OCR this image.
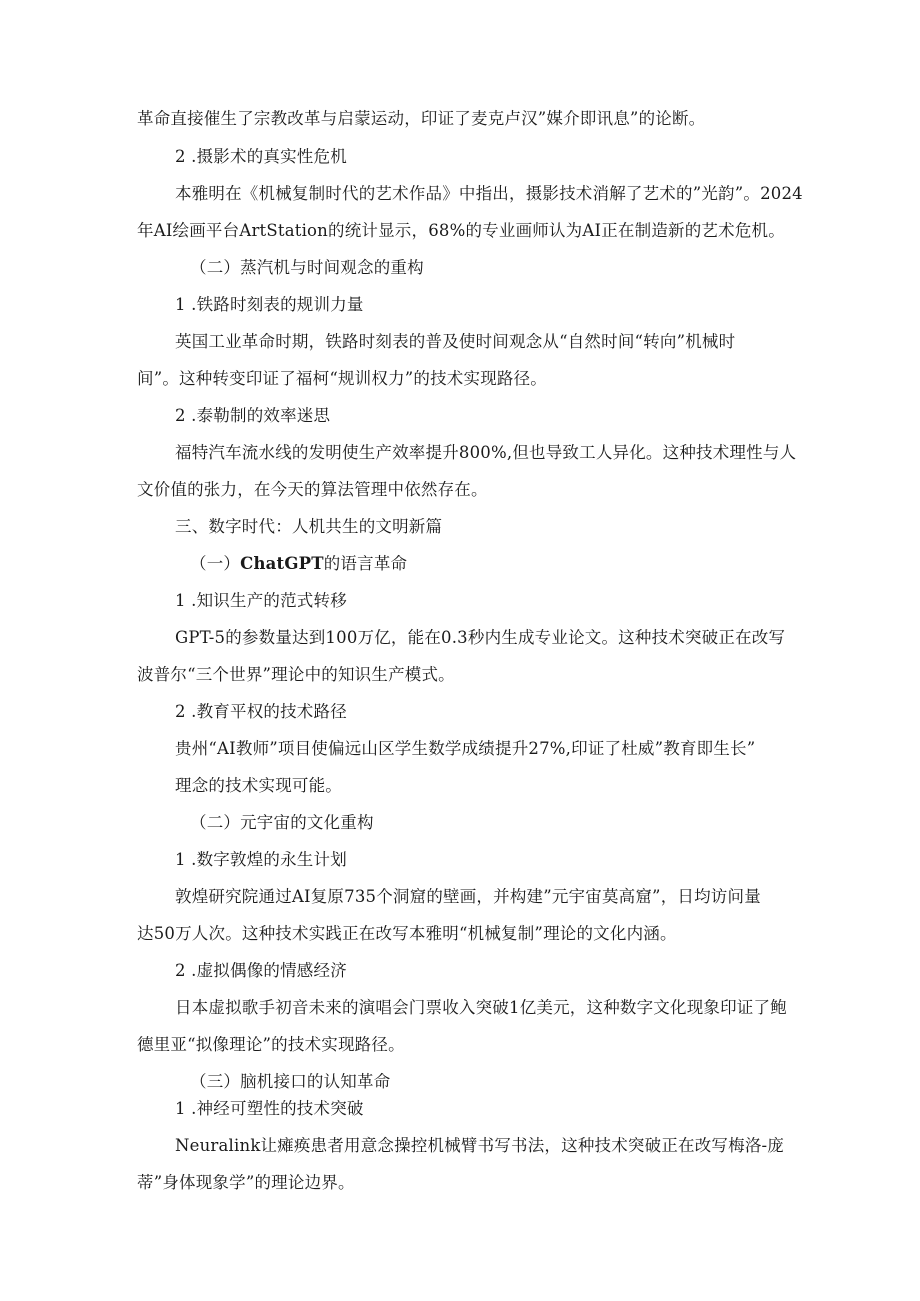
革命直接催生了宗教改革与启蒙运动，印证了麦克卢汉”媒介即讯息”的论断。
2 .摄影术的真实性危机
本雅明在《机械复制时代的艺术作品》中指出，摄影技术消解了艺术的”光韵”。2024
年AI绘画平台ArtStation的统计显示，68%的专业画师认为AI正在制造新的艺术危机。
（二）蒸汽机与时间观念的重构
1 .铁路时刻表的规训力量
英国工业革命时期，铁路时刻表的普及使时间观念从“自然时间“转向”机械时
间”。这种转变印证了福柯“规训权力”的技术实现路径。
2 .泰勒制的效率迷思
福特汽车流水线的发明使生产效率提升800%,但也导致工人异化。这种技术理性与人
文价值的张力，在今天的算法管理中依然存在。
三、数字时代：人机共生的文明新篇
（一）ChatGPT的语言革命
1 .知识生产的范式转移
GPT-5的参数量达到100万亿，能在0.3秒内生成专业论文。这种技术突破正在改写
波普尔“三个世界”理论中的知识生产模式。
2 .教育平权的技术路径
贵州“AI教师”项目使偏远山区学生数学成绩提升27%,印证了杜威”教育即生长”
理念的技术实现可能。
（二）元宇宙的文化重构
1 .数字敦煌的永生计划
敦煌研究院通过AI复原735个洞窟的壁画，并构建”元宇宙莫高窟”，日均访问量
达50万人次。这种技术实践正在改写本雅明“机械复制”理论的文化内涵。
2 .虚拟偶像的情感经济
日本虚拟歌手初音未来的演唱会门票收入突破1亿美元，这种数字文化现象印证了鲍
德里亚“拟像理论”的技术实现路径。
（三）脑机接口的认知革命
1 .神经可塑性的技术突破
Neuralink让瘫痪患者用意念操控机械臂书写书法，这种技术突破正在改写梅洛-庞
蒂”身体现象学”的理论边界。
